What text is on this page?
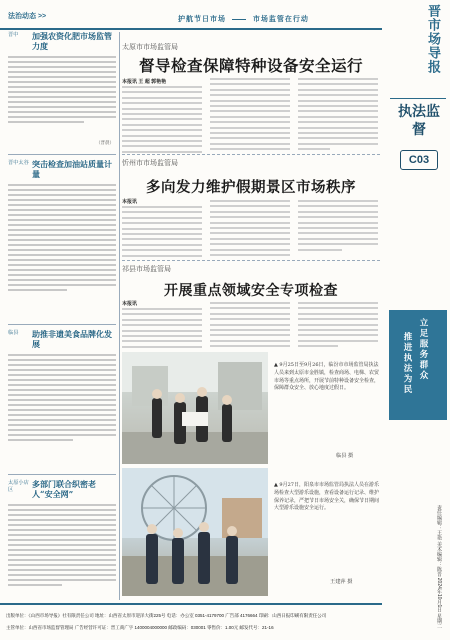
法治动态 >>	护航节日市场	市场监管在行动
晋中	加强农资化肥市场监管力度
（晋晨）
晋中太谷 突击检查加油站质量计量
临县	助推非遗美食品牌化发展
太原小店区
多部门联合织密老人“安全网”
太原市市场监管局
督导检查保障特种设备安全运行
本报讯 王 超 郭艳艳
忻州市市场监管局
多向发力维护假期景区市场秩序
本报讯
祁县市场监管局
开展重点领域安全专项检查
本报讯
▲ 9月25日至9月26日，临汾市市场监管局执法人员来到太原市金胜镇，检查商场、电梯、农贸市场等重点场所，开展节前特种设备安全检查，保障群众安全、放心地度过假日。
临县 摄
▲ 9月27日，阳泉市市场监管局执法人员在游乐场检查大型游乐设施，查看设备运行记录、维护保养记录，严把节日市场安全关，确保节日期间大型游乐设施安全运行。
王建萍 摄
晋市场导报
执法监督
C03
立足服务群众
推进执法为民
责任编辑：王艳 美术编辑：陈晋 2024年10月1日 星期二
出版单位：《山西市场导报》社有限责任公司 地址：山西省太原市迎泽大街225号 电话：办公室 0351-4179700 广告部 4176664 印刷：山西日报印刷有限责任公司
主管单位：山西省市场监督管理局 广告经营许可证：晋工商广字 1400004000000 邮政编码：030001 零售价：1.00元 邮发代号：21-16
